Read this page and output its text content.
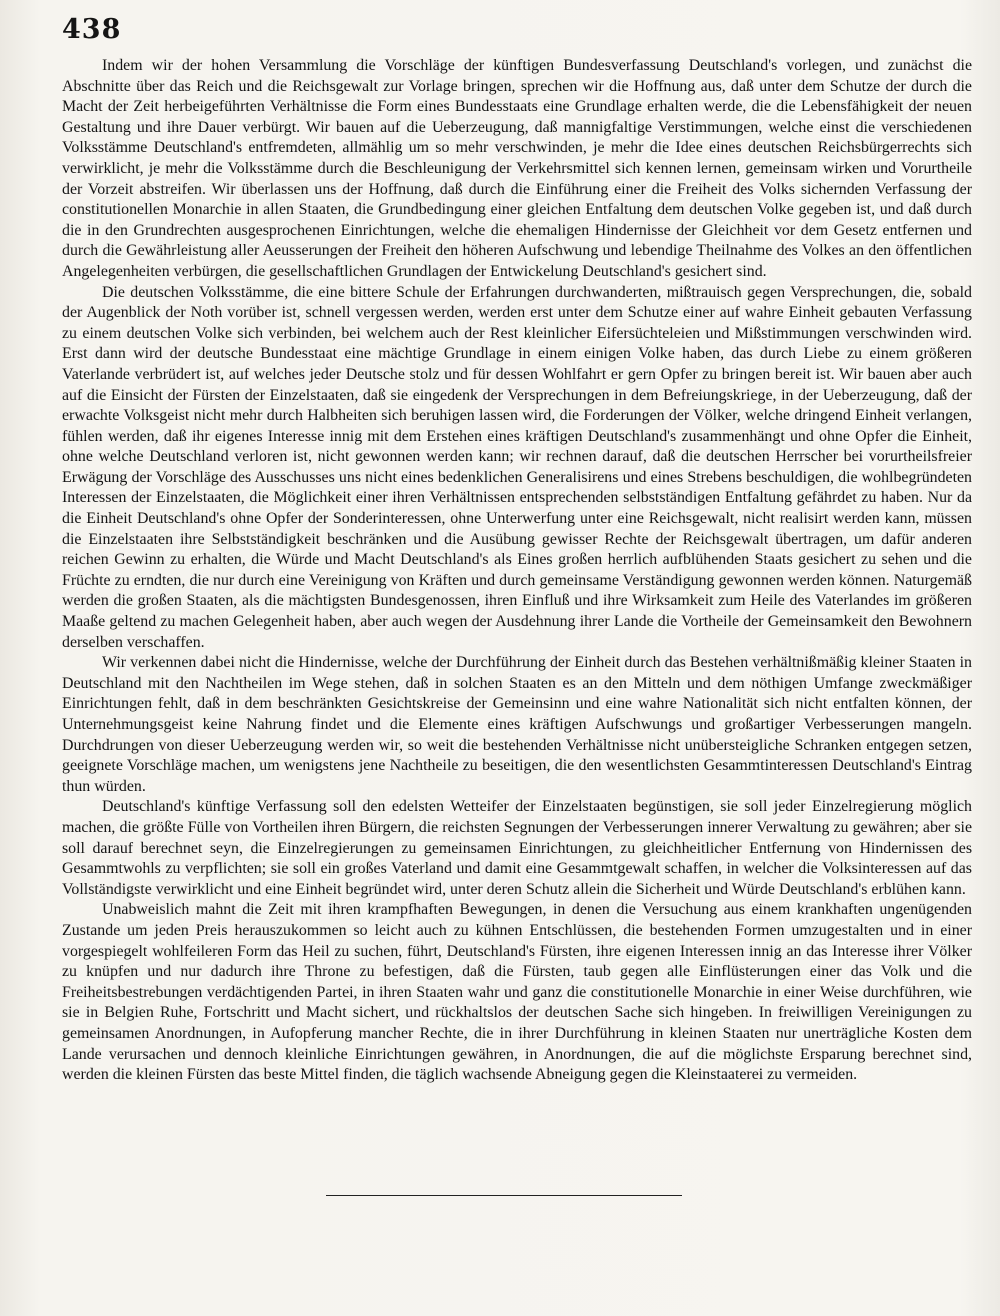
438

Indem wir der hohen Versammlung die Vorschläge der künftigen Bundesverfassung Deutschland's vorlegen, und zunächst die Abschnitte über das Reich und die Reichsgewalt zur Vorlage bringen, sprechen wir die Hoffnung aus, daß unter dem Schutze der durch die Macht der Zeit herbeigeführten Verhältnisse die Form eines Bundesstaats eine Grundlage erhalten werde, die die Lebensfähigkeit der neuen Gestaltung und ihre Dauer verbürgt. Wir bauen auf die Ueberzeugung, daß mannigfaltige Verstimmungen, welche einst die verschiedenen Volksstämme Deutschland's entfremdeten, allmählig um so mehr verschwinden, je mehr die Idee eines deutschen Reichsbürgerrechts sich verwirklicht, je mehr die Volksstämme durch die Beschleunigung der Verkehrsmittel sich kennen lernen, gemeinsam wirken und Vorurtheile der Vorzeit abstreifen. Wir überlassen uns der Hoffnung, daß durch die Einführung einer die Freiheit des Volks sichernden Verfassung der constitutionellen Monarchie in allen Staaten, die Grundbedingung einer gleichen Entfaltung dem deutschen Volke gegeben ist, und daß durch die in den Grundrechten ausgesprochenen Einrichtungen, welche die ehemaligen Hindernisse der Gleichheit vor dem Gesetz entfernen und durch die Gewährleistung aller Aeusserungen der Freiheit den höheren Aufschwung und lebendige Theilnahme des Volkes an den öffentlichen Angelegenheiten verbürgen, die gesellschaftlichen Grundlagen der Entwickelung Deutschland's gesichert sind.

Die deutschen Volksstämme, die eine bittere Schule der Erfahrungen durchwanderten, mißtrauisch gegen Versprechungen, die, sobald der Augenblick der Noth vorüber ist, schnell vergessen werden, werden erst unter dem Schutze einer auf wahre Einheit gebauten Verfassung zu einem deutschen Volke sich verbinden, bei welchem auch der Rest kleinlicher Eifersüchteleien und Mißstimmungen verschwinden wird. Erst dann wird der deutsche Bundesstaat eine mächtige Grundlage in einem einigen Volke haben, das durch Liebe zu einem größeren Vaterlande verbrüdert ist, auf welches jeder Deutsche stolz und für dessen Wohlfahrt er gern Opfer zu bringen bereit ist. Wir bauen aber auch auf die Einsicht der Fürsten der Einzelstaaten, daß sie eingedenk der Versprechungen in dem Befreiungskriege, in der Ueberzeugung, daß der erwachte Volksgeist nicht mehr durch Halbheiten sich beruhigen lassen wird, die Forderungen der Völker, welche dringend Einheit verlangen, fühlen werden, daß ihr eigenes Interesse innig mit dem Erstehen eines kräftigen Deutschland's zusammenhängt und ohne Opfer die Einheit, ohne welche Deutschland verloren ist, nicht gewonnen werden kann; wir rechnen darauf, daß die deutschen Herrscher bei vorurtheilsfreier Erwägung der Vorschläge des Ausschusses uns nicht eines bedenklichen Generalisirens und eines Strebens beschuldigen, die wohlbegründeten Interessen der Einzelstaaten, die Möglichkeit einer ihren Verhältnissen entsprechenden selbstständigen Entfaltung gefährdet zu haben. Nur da die Einheit Deutschland's ohne Opfer der Sonderinteressen, ohne Unterwerfung unter eine Reichsgewalt, nicht realisirt werden kann, müssen die Einzelstaaten ihre Selbstständigkeit beschränken und die Ausübung gewisser Rechte der Reichsgewalt übertragen, um dafür anderen reichen Gewinn zu erhalten, die Würde und Macht Deutschland's als Eines großen herrlich aufblühenden Staats gesichert zu sehen und die Früchte zu erndten, die nur durch eine Vereinigung von Kräften und durch gemeinsame Verständigung gewonnen werden können. Naturgemäß werden die großen Staaten, als die mächtigsten Bundesgenossen, ihren Einfluß und ihre Wirksamkeit zum Heile des Vaterlandes im größeren Maaße geltend zu machen Gelegenheit haben, aber auch wegen der Ausdehnung ihrer Lande die Vortheile der Gemeinsamkeit den Bewohnern derselben verschaffen.

Wir verkennen dabei nicht die Hindernisse, welche der Durchführung der Einheit durch das Bestehen verhältnißmäßig kleiner Staaten in Deutschland mit den Nachtheilen im Wege stehen, daß in solchen Staaten es an den Mitteln und dem nöthigen Umfange zweckmäßiger Einrichtungen fehlt, daß in dem beschränkten Gesichtskreise der Gemeinsinn und eine wahre Nationalität sich nicht entfalten können, der Unternehmungsgeist keine Nahrung findet und die Elemente eines kräftigen Aufschwungs und großartiger Verbesserungen mangeln. Durchdrungen von dieser Ueberzeugung werden wir, so weit die bestehenden Verhältnisse nicht unübersteigliche Schranken entgegen setzen, geeignete Vorschläge machen, um wenigstens jene Nachtheile zu beseitigen, die den wesentlichsten Gesammtinteressen Deutschland's Eintrag thun würden.

Deutschland's künftige Verfassung soll den edelsten Wetteifer der Einzelstaaten begünstigen, sie soll jeder Einzelregierung möglich machen, die größte Fülle von Vortheilen ihren Bürgern, die reichsten Segnungen der Verbesserungen innerer Verwaltung zu gewähren; aber sie soll darauf berechnet seyn, die Einzelregierungen zu gemeinsamen Einrichtungen, zu gleichheitlicher Entfernung von Hindernissen des Gesammtwohls zu verpflichten; sie soll ein großes Vaterland und damit eine Gesammtgewalt schaffen, in welcher die Volksinteressen auf das Vollständigste verwirklicht und eine Einheit begründet wird, unter deren Schutz allein die Sicherheit und Würde Deutschland's erblühen kann.

Unabweislich mahnt die Zeit mit ihren krampfhaften Bewegungen, in denen die Versuchung aus einem krankhaften ungenügenden Zustande um jeden Preis herauszukommen so leicht auch zu kühnen Entschlüssen, die bestehenden Formen umzugestalten und in einer vorgespiegelt wohlfeileren Form das Heil zu suchen, führt, Deutschland's Fürsten, ihre eigenen Interessen innig an das Interesse ihrer Völker zu knüpfen und nur dadurch ihre Throne zu befestigen, daß die Fürsten, taub gegen alle Einflüsterungen einer das Volk und die Freiheitsbestrebungen verdächtigenden Partei, in ihren Staaten wahr und ganz die constitutionelle Monarchie in einer Weise durchführen, wie sie in Belgien Ruhe, Fortschritt und Macht sichert, und rückhaltslos der deutschen Sache sich hingeben. In freiwilligen Vereinigungen zu gemeinsamen Anordnungen, in Aufopferung mancher Rechte, die in ihrer Durchführung in kleinen Staaten nur unerträgliche Kosten dem Lande verursachen und dennoch kleinliche Einrichtungen gewähren, in Anordnungen, die auf die möglichste Ersparung berechnet sind, werden die kleinen Fürsten das beste Mittel finden, die täglich wachsende Abneigung gegen die Kleinstaaterei zu vermeiden.
